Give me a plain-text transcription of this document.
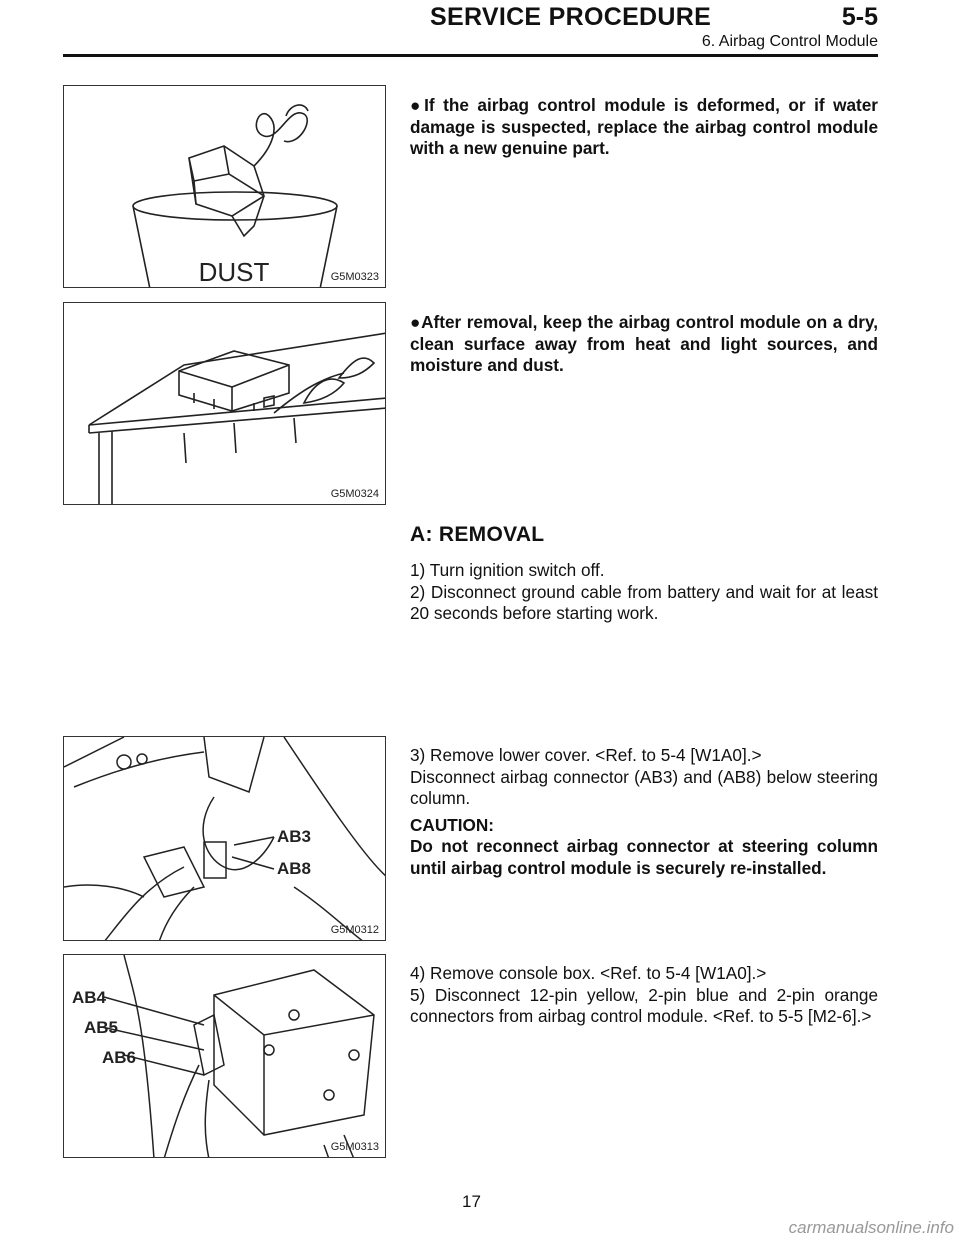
SERVICE PROCEDURE	5-5
6. Airbag Control Module
DUST	G5M0323

●If the airbag control module is deformed, or if water damage is suspected, replace the airbag control module with a new genuine part.

G5M0324

●After removal, keep the airbag control module on a dry, clean surface away from heat and light sources, and moisture and dust.

A: REMOVAL

1) Turn ignition switch off.

2) Disconnect ground cable from battery and wait for at least 20 seconds before starting work.

AB3
AB8
G5M0312

3) Remove lower cover. <Ref. to 5-4 [W1A0].>

Disconnect airbag connector (AB3) and (AB8) below steering column.

CAUTION:

Do not reconnect airbag connector at steering column until airbag control module is securely re-installed.

AB4
AB5
AB6
G5M0313

4) Remove console box. <Ref. to 5-4 [W1A0].>

5) Disconnect 12-pin yellow, 2-pin blue and 2-pin orange connectors from airbag control module. <Ref. to 5-5 [M2-6].>

17
carmanualsonline.info
